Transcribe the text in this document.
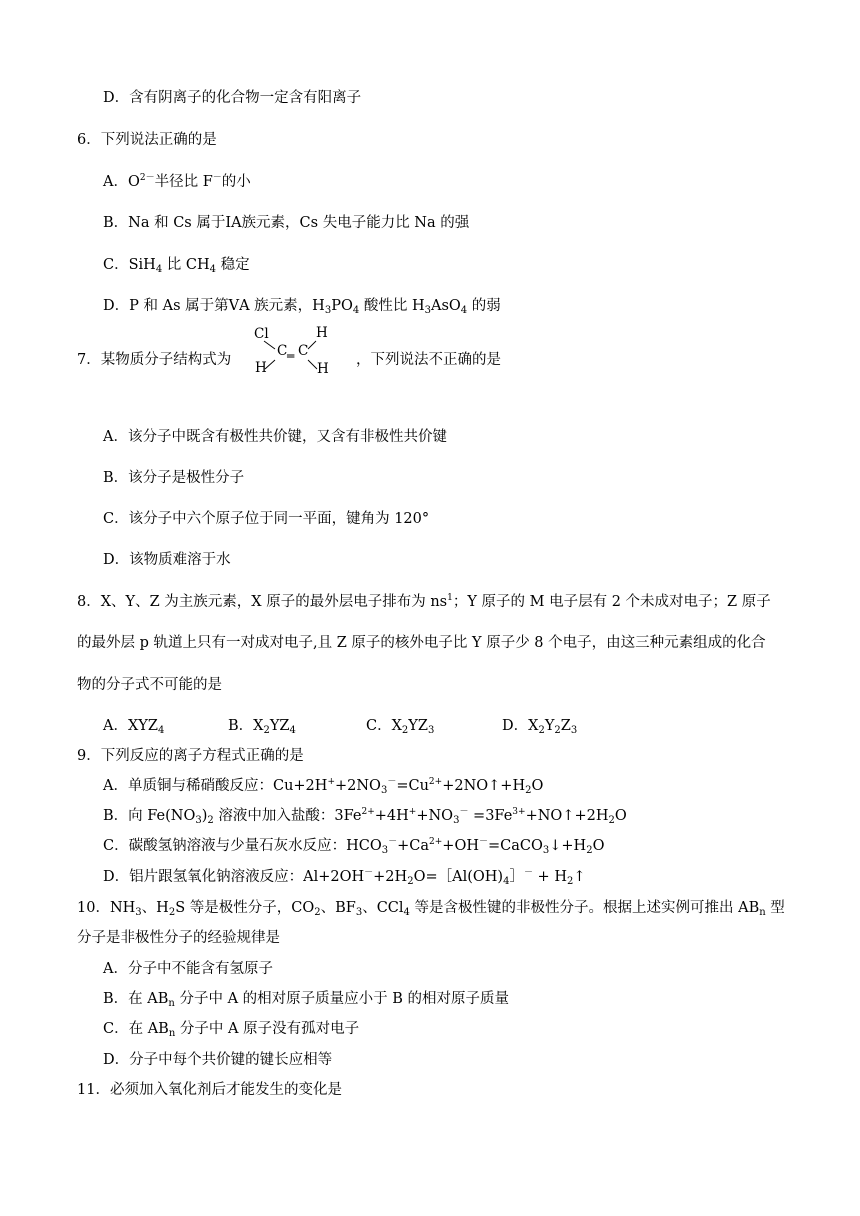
D．含有阴离子的化合物一定含有阳离子
6．下列说法正确的是
A．$O^{2-}$半径比 F－的小
B．Na 和 Cs 属于ⅠA族元素，Cs 失电子能力比 Na 的强
C．SiH$_4$ 比 $CH_4$ 稳定
D．P 和 As 属于第ⅤA 族元素，$H_3PO_4$ 酸性比 $H_3AsO_4$ 的弱
7．某物质分子结构式为
Cl
H
C ═ C
H
H
，下列说法不正确的是
A．该分子中既含有极性共价键，又含有非极性共价键
B．该分子是极性分子
C．该分子中六个原子位于同一平面，键角为 120°
D．该物质难溶于水
8．X、Y、Z 为主族元素，X 原子的最外层电子排布为 $ns^1$；Y 原子的 M 电子层有 2 个未成对电子；Z 原子
的最外层 p 轨道上只有一对成对电子,且 Z 原子的核外电子比 Y 原子少 8 个电子，由这三种元素组成的化合
物的分子式不可能的是
A．$XYZ_4$	B．$X_2YZ_4$	C．$X_2YZ_3$	D．$X_2Y_2Z_3$
9．下列反应的离子方程式正确的是
A．单质铜与稀硝酸反应：$Cu+2H^++2NO_3^-=Cu^{2+}+2NO↑+H_2O$
B．向 $Fe(NO_3)_2$ 溶液中加入盐酸：$3Fe^{2+}+4H^++NO_3^-$ $=3Fe^{3+}+NO↑+2H_2O$
C．碳酸氢钠溶液与少量石灰水反应：$HCO_3^-+Ca^{2+}+OH^-=CaCO_3↓+H_2O$
D．铝片跟氢氧化钠溶液反应：$Al+2OH^-+2H_2O=[Al(OH)_4]^-$ + $H_2↑$
10．$NH_3$、$H_2S$ 等是极性分子，$CO_2$、$BF_3$、CCl$_4$ 等是含极性键的非极性分子。根据上述实例可推出 $AB_n$ 型
分子是非极性分子的经验规律是
A．分子中不能含有氢原子
B．在 $AB_n$ 分子中 A 的相对原子质量应小于 B 的相对原子质量
C．在 $AB_n$ 分子中 A 原子没有孤对电子
D．分子中每个共价键的键长应相等
11．必须加入氧化剂后才能发生的变化是
